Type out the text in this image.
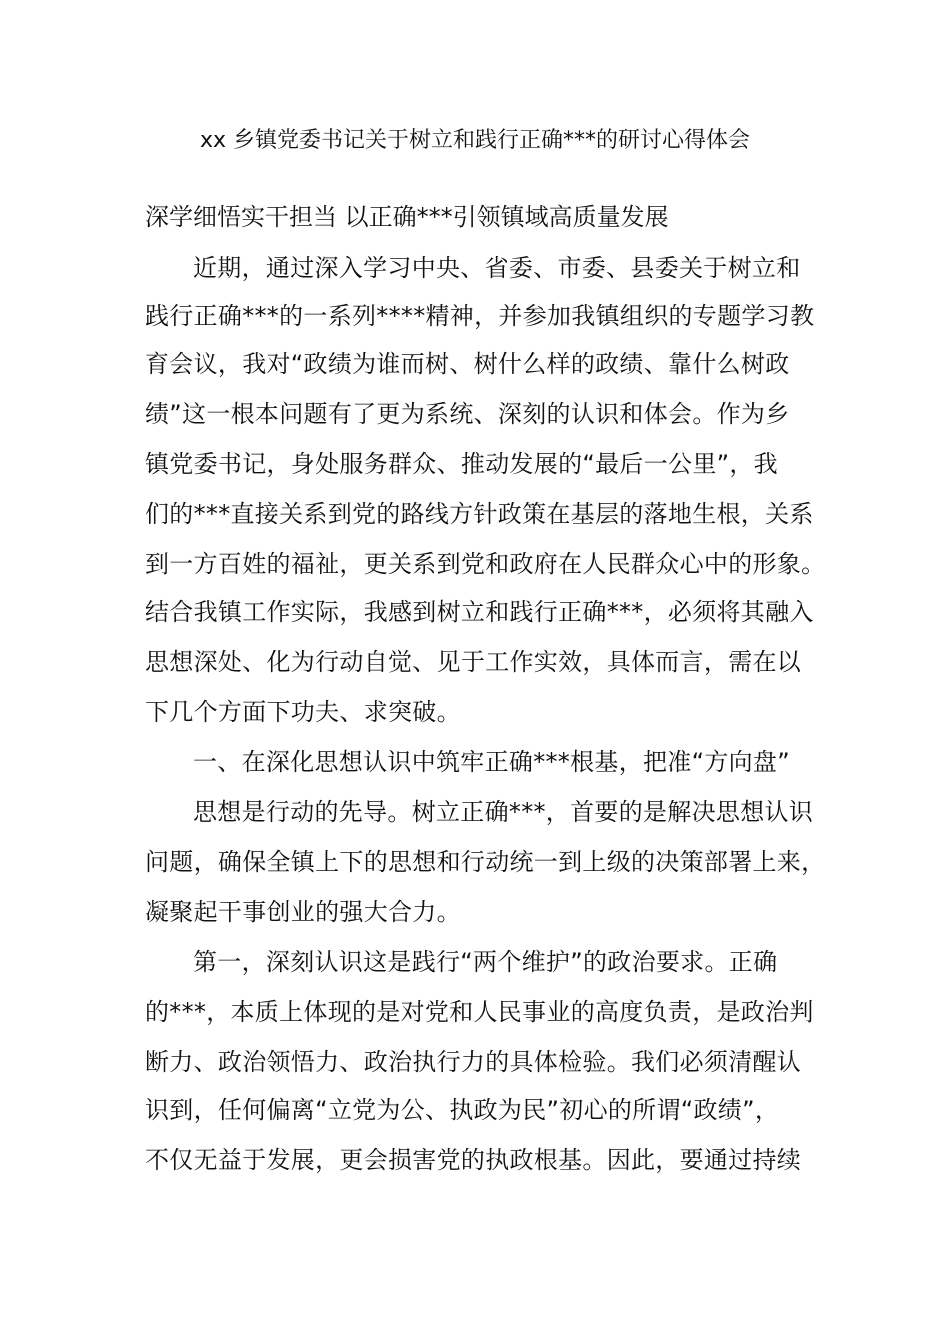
xx 乡镇党委书记关于树立和践行正确***的研讨心得体会

深学细悟实干担当 以正确***引领镇域高质量发展

近期，通过深入学习中央、省委、市委、县委关于树立和

践行正确***的一系列****精神，并参加我镇组织的专题学习教

育会议，我对“政绩为谁而树、树什么样的政绩、靠什么树政

绩”这一根本问题有了更为系统、深刻的认识和体会。作为乡

镇党委书记，身处服务群众、推动发展的“最后一公里”，我

们的***直接关系到党的路线方针政策在基层的落地生根，关系

到一方百姓的福祉，更关系到党和政府在人民群众心中的形象。

结合我镇工作实际，我感到树立和践行正确***，必须将其融入

思想深处、化为行动自觉、见于工作实效，具体而言，需在以

下几个方面下功夫、求突破。

一、在深化思想认识中筑牢正确***根基，把准“方向盘”

思想是行动的先导。树立正确***，首要的是解决思想认识

问题，确保全镇上下的思想和行动统一到上级的决策部署上来，

凝聚起干事创业的强大合力。

第一，深刻认识这是践行“两个维护”的政治要求。正确

的***，本质上体现的是对党和人民事业的高度负责，是政治判

断力、政治领悟力、政治执行力的具体检验。我们必须清醒认

识到，任何偏离“立党为公、执政为民”初心的所谓“政绩”，

不仅无益于发展，更会损害党的执政根基。因此，要通过持续
